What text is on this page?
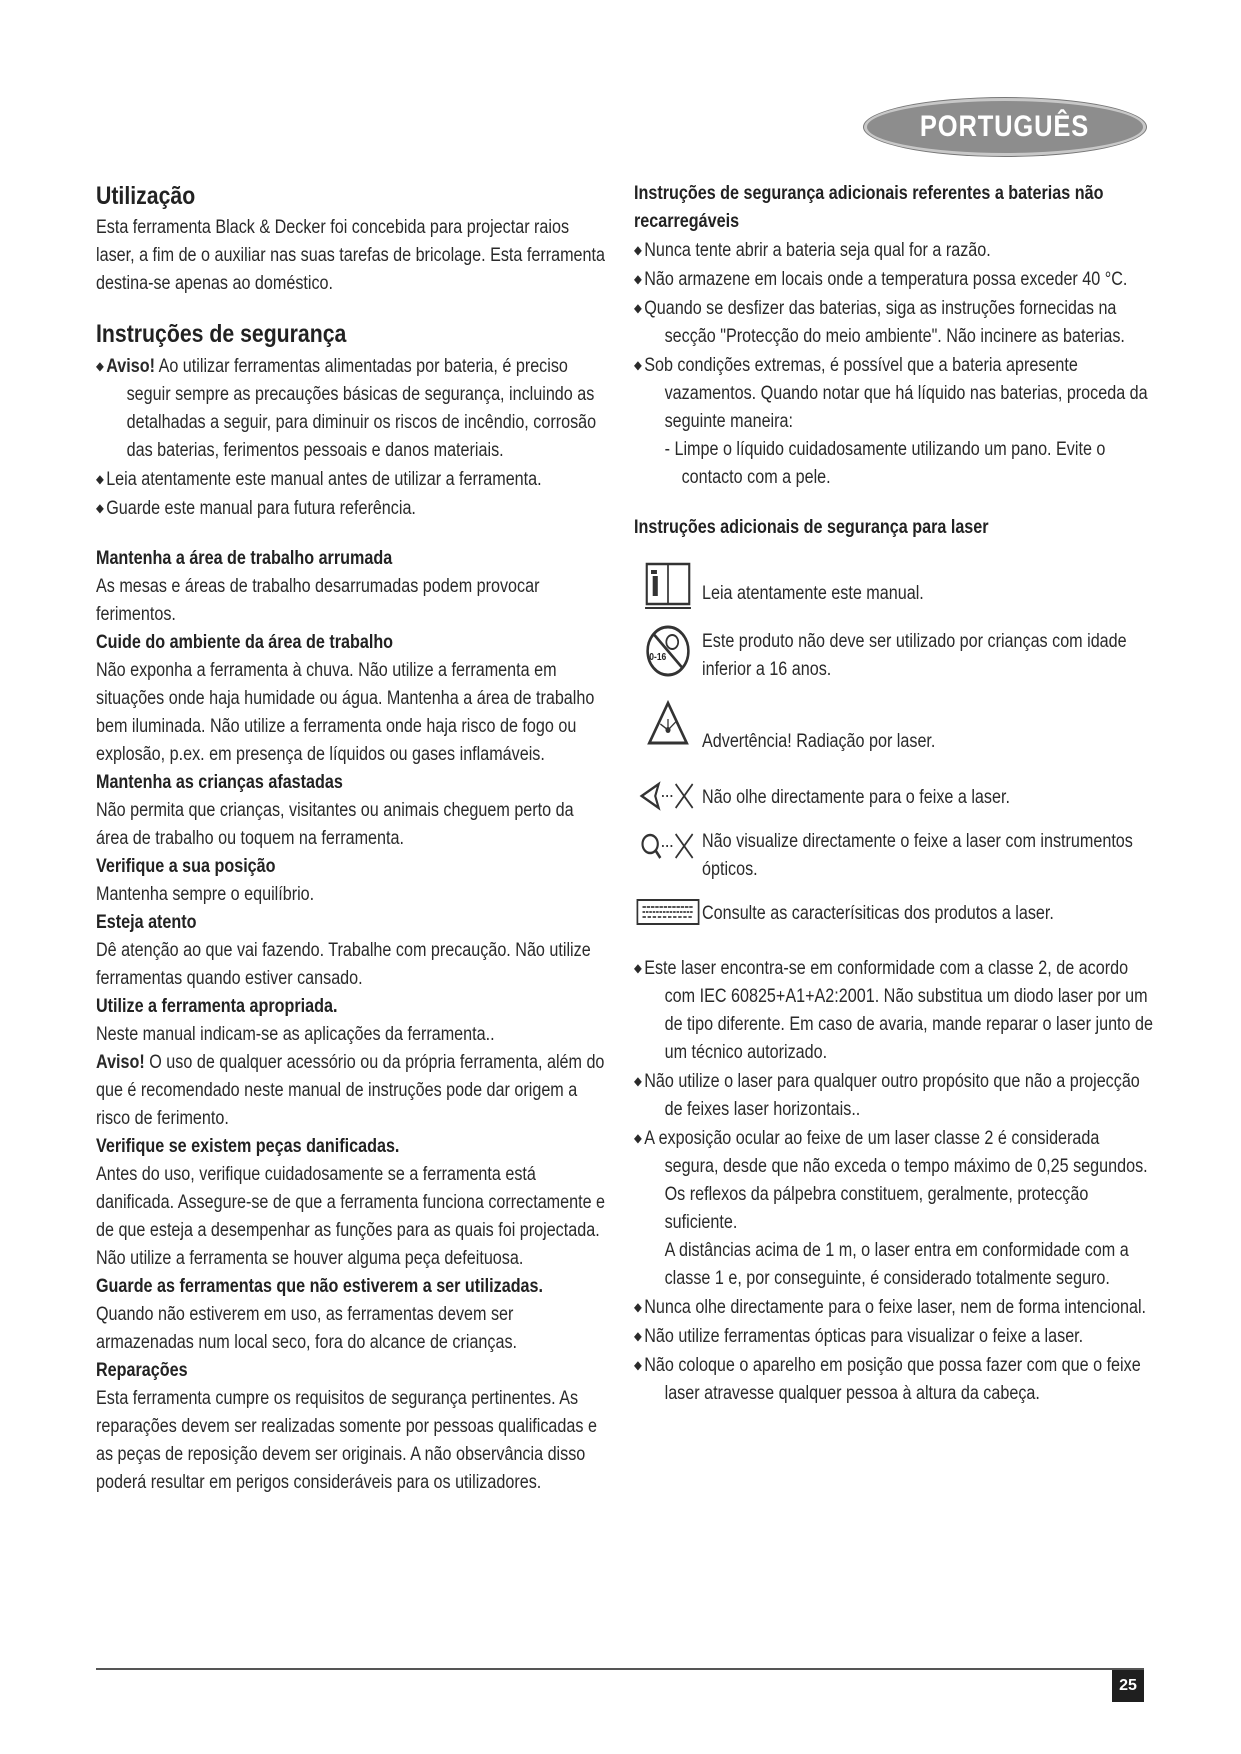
PORTUGUÊS

Utilização

Esta ferramenta Black & Decker foi concebida para projectar raios laser, a fim de o auxiliar nas suas tarefas de bricolage. Esta ferramenta destina-se apenas ao doméstico.

Instruções de segurança

◆ Aviso! Ao utilizar ferramentas alimentadas por bateria, é preciso seguir sempre as precauções básicas de segurança, incluindo as detalhadas a seguir, para diminuir os riscos de incêndio, corrosão das baterias, ferimentos pessoais e danos materiais.

◆ Leia atentamente este manual antes de utilizar a ferramenta.

◆ Guarde este manual para futura referência.

Mantenha a área de trabalho arrumada

As mesas e áreas de trabalho desarrumadas podem provocar ferimentos.

Cuide do ambiente da área de trabalho

Não exponha a ferramenta à chuva. Não utilize a ferramenta em situações onde haja humidade ou água. Mantenha a área de trabalho bem iluminada. Não utilize a ferramenta onde haja risco de fogo ou explosão, p.ex. em presença de líquidos ou gases inflamáveis.

Mantenha as crianças afastadas

Não permita que crianças, visitantes ou animais cheguem perto da área de trabalho ou toquem na ferramenta.

Verifique a sua posição

Mantenha sempre o equilíbrio.

Esteja atento

Dê atenção ao que vai fazendo. Trabalhe com precaução. Não utilize ferramentas quando estiver cansado.

Utilize a ferramenta apropriada.

Neste manual indicam-se as aplicações da ferramenta..

Aviso! O uso de qualquer acessório ou da própria ferramenta, além do que é recomendado neste manual de instruções pode dar origem a risco de ferimento.

Verifique se existem peças danificadas.

Antes do uso, verifique cuidadosamente se a ferramenta está danificada. Assegure-se de que a ferramenta funciona correctamente e de que esteja a desempenhar as funções para as quais foi projectada. Não utilize a ferramenta se houver alguma peça defeituosa.

Guarde as ferramentas que não estiverem a ser utilizadas.

Quando não estiverem em uso, as ferramentas devem ser armazenadas num local seco, fora do alcance de crianças.

Reparações

Esta ferramenta cumpre os requisitos de segurança pertinentes. As reparações devem ser realizadas somente por pessoas qualificadas e as peças de reposição devem ser originais. A não observância disso poderá resultar em perigos consideráveis para os utilizadores.

Instruções de segurança adicionais referentes a baterias não recarregáveis

◆ Nunca tente abrir a bateria seja qual for a razão.

◆ Não armazene em locais onde a temperatura possa exceder 40 °C.

◆ Quando se desfizer das baterias, siga as instruções fornecidas na secção "Protecção do meio ambiente". Não incinere as baterias.

◆ Sob condições extremas, é possível que a bateria apresente vazamentos. Quando notar que há líquido nas baterias, proceda da seguinte maneira:

- Limpe o líquido cuidadosamente utilizando um pano. Evite o contacto com a pele.

Instruções adicionais de segurança para laser

Leia atentamente este manual.
0-16
Este produto não deve ser utilizado por crianças com idade inferior a 16 anos.
Advertência! Radiação por laser.
Não olhe directamente para o feixe a laser.
Não visualize directamente o feixe a laser com instrumentos ópticos.
Consulte as caracterísiticas dos produtos a laser.

◆ Este laser encontra-se em conformidade com a classe 2, de acordo com IEC 60825+A1+A2:2001. Não substitua um diodo laser por um de tipo diferente. Em caso de avaria, mande reparar o laser junto de um técnico autorizado.

◆ Não utilize o laser para qualquer outro propósito que não a projecção de feixes laser horizontais..

◆ A exposição ocular ao feixe de um laser classe 2 é considerada segura, desde que não exceda o tempo máximo de 0,25 segundos. Os reflexos da pálpebra constituem, geralmente, protecção suficiente.

A distâncias acima de 1 m, o laser entra em conformidade com a classe 1 e, por conseguinte, é considerado totalmente seguro.

◆ Nunca olhe directamente para o feixe laser, nem de forma intencional.

◆ Não utilize ferramentas ópticas para visualizar o feixe a laser.

◆ Não coloque o aparelho em posição que possa fazer com que o feixe laser atravesse qualquer pessoa à altura da cabeça.

25
